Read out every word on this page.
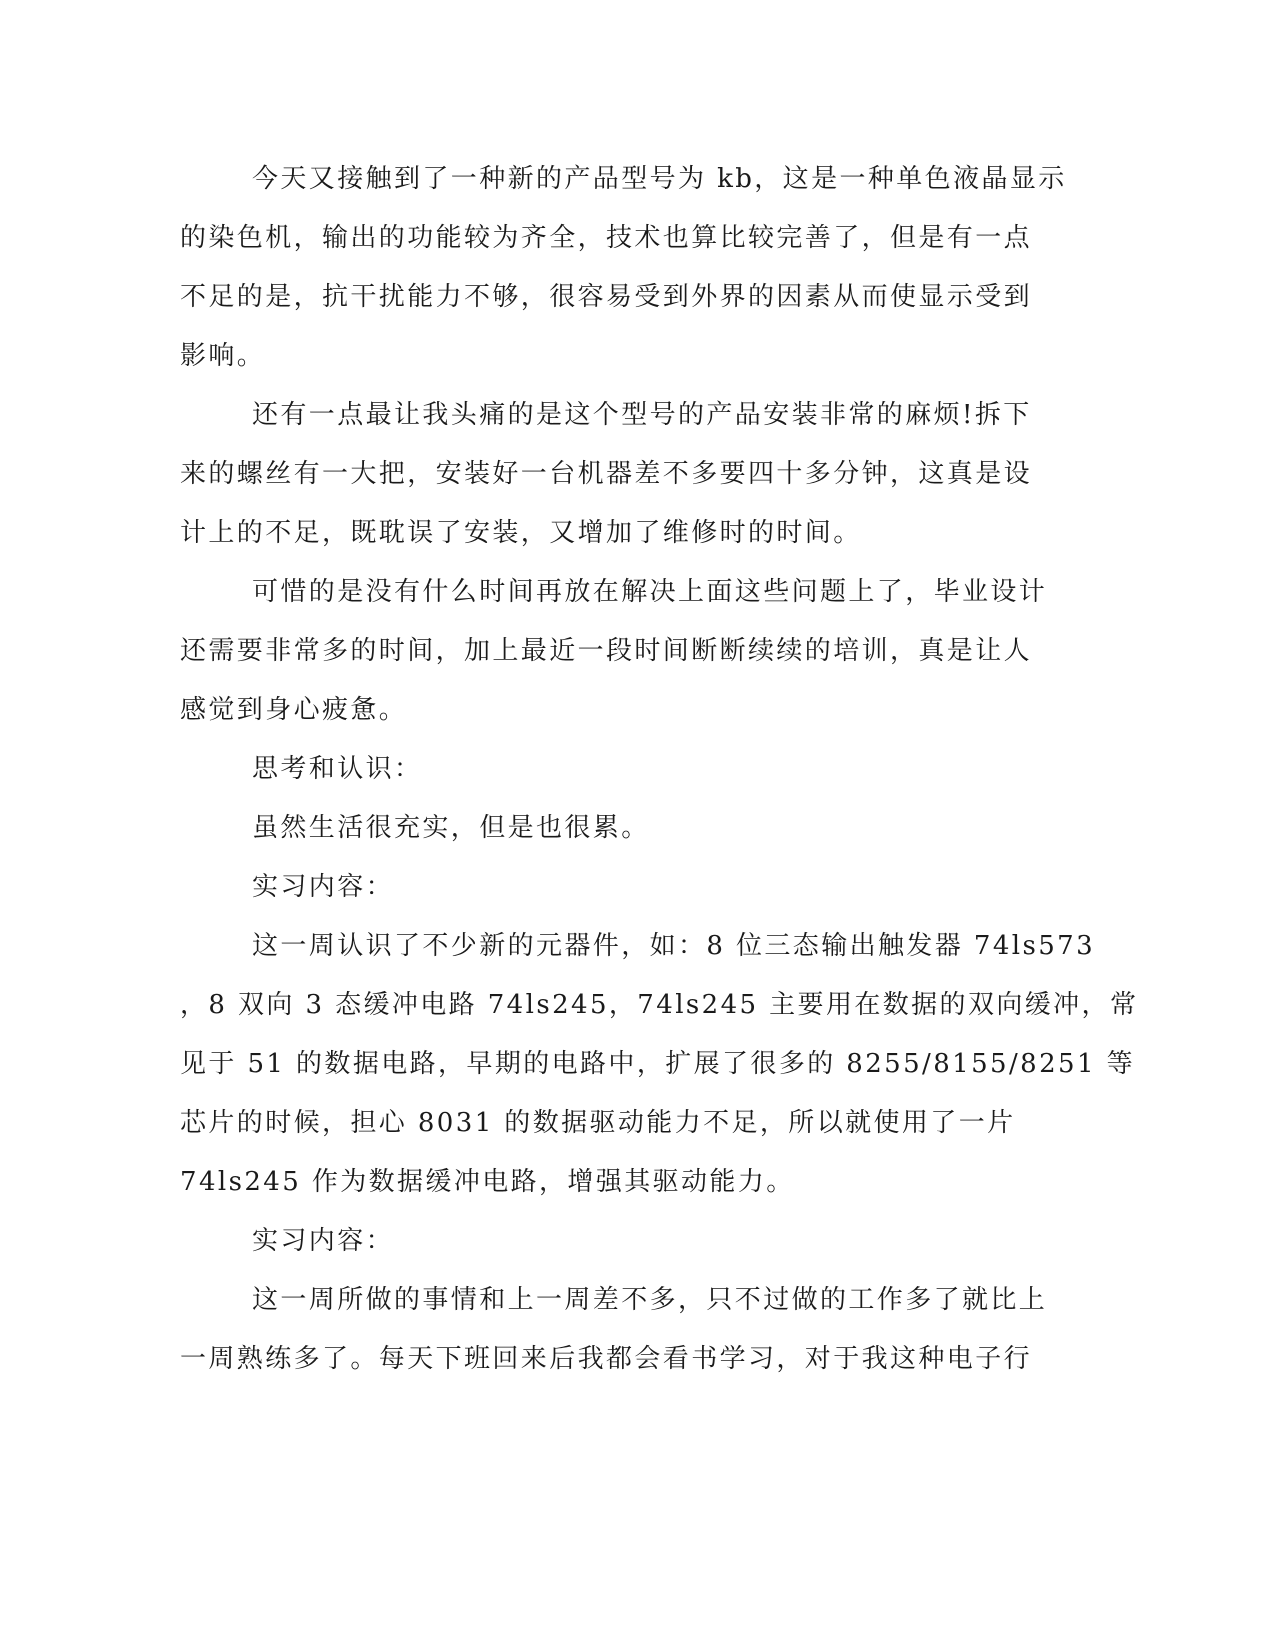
今天又接触到了一种新的产品型号为 kb，这是一种单色液晶显示
的染色机，输出的功能较为齐全，技术也算比较完善了，但是有一点
不足的是，抗干扰能力不够，很容易受到外界的因素从而使显示受到
影响。
还有一点最让我头痛的是这个型号的产品安装非常的麻烦!拆下
来的螺丝有一大把，安装好一台机器差不多要四十多分钟，这真是设
计上的不足，既耽误了安装，又增加了维修时的时间。
可惜的是没有什么时间再放在解决上面这些问题上了，毕业设计
还需要非常多的时间，加上最近一段时间断断续续的培训，真是让人
感觉到身心疲惫。
思考和认识：
虽然生活很充实，但是也很累。
实习内容：
这一周认识了不少新的元器件，如：8 位三态输出触发器 74ls573
，8 双向 3 态缓冲电路 74ls245，74ls245 主要用在数据的双向缓冲，常
见于 51 的数据电路，早期的电路中，扩展了很多的 8255/8155/8251 等
芯片的时候，担心 8031 的数据驱动能力不足，所以就使用了一片
74ls245 作为数据缓冲电路，增强其驱动能力。
实习内容：
这一周所做的事情和上一周差不多，只不过做的工作多了就比上
一周熟练多了。每天下班回来后我都会看书学习，对于我这种电子行
